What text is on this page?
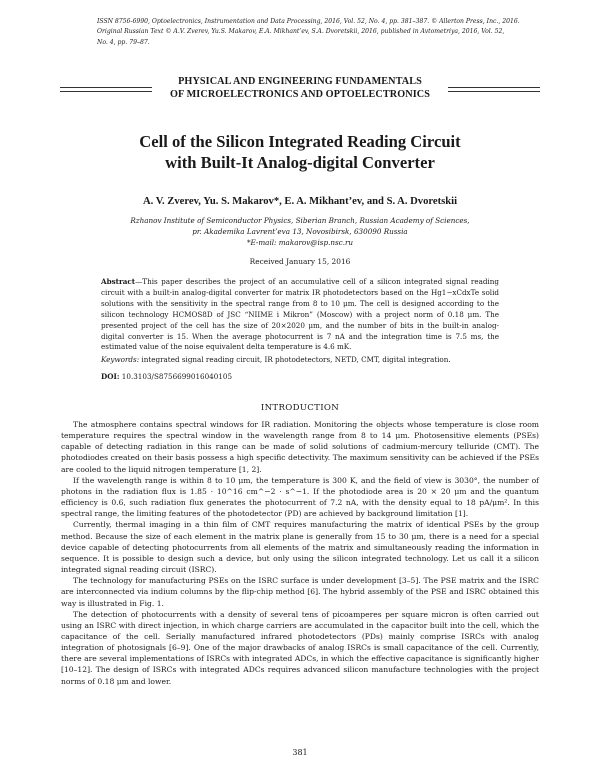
ISSN 8756-6990, Optoelectronics, Instrumentation and Data Processing, 2016, Vol. 52, No. 4, pp. 381–387. © Allerton Press, Inc., 2016.
Original Russian Text © A.V. Zverev, Yu.S. Makarov, E.A. Mikhant’ev, S.A. Dvoretskii, 2016, published in Avtometriya, 2016, Vol. 52,
No. 4, pp. 79–87.
PHYSICAL AND ENGINEERING FUNDAMENTALS
OF MICROELECTRONICS AND OPTOELECTRONICS
Cell of the Silicon Integrated Reading Circuit
with Built-It Analog-digital Converter
A. V. Zverev, Yu. S. Makarov*, E. A. Mikhant’ev, and S. A. Dvoretskii
Rzhanov Institute of Semiconductor Physics, Siberian Branch, Russian Academy of Sciences,
pr. Akademika Lavrent’eva 13, Novosibirsk, 630090 Russia
*E-mail: makarov@isp.nsc.ru
Received January 15, 2016
Abstract—This paper describes the project of an accumulative cell of a silicon integrated signal reading circuit with a built-in analog-digital converter for matrix IR photodetectors based on the Hg1−xCdxTe solid solutions with the sensitivity in the spectral range from 8 to 10 μm. The cell is designed according to the silicon technology HCMOS8D of JSC “NIIME i Mikron” (Moscow) with a project norm of 0.18 μm. The presented project of the cell has the size of 20×2020 μm, and the number of bits in the built-in analog-digital converter is 15. When the average photocurrent is 7 nA and the integration time is 7.5 ms, the estimated value of the noise equivalent delta temperature is 4.6 mK.
Keywords: integrated signal reading circuit, IR photodetectors, NETD, CMT, digital integration.
DOI: 10.3103/S8756699016040105
INTRODUCTION

The atmosphere contains spectral windows for IR radiation. Monitoring the objects whose temperature is close room temperature requires the spectral window in the wavelength range from 8 to 14 μm. Photosensitive elements (PSEs) capable of detecting radiation in this range can be made of solid solutions of cadmium-mercury telluride (CMT). The photodiodes created on their basis possess a high specific detectivity. The maximum sensitivity can be achieved if the PSEs are cooled to the liquid nitrogen temperature [1, 2].

If the wavelength range is within 8 to 10 μm, the temperature is 300 K, and the field of view is 3030°, the number of photons in the radiation flux is 1.85 · 10^16 cm^−2 · s^−1. If the photodiode area is 20 × 20 μm and the quantum efficiency is 0.6, such radiation flux generates the photocurrent of 7.2 nA, with the density equal to 18 pA/μm². In this spectral range, the limiting features of the photodetector (PD) are achieved by background limitation [1].

Currently, thermal imaging in a thin film of CMT requires manufacturing the matrix of identical PSEs by the group method. Because the size of each element in the matrix plane is generally from 15 to 30 μm, there is a need for a special device capable of detecting photocurrents from all elements of the matrix and simultaneously reading the information in sequence. It is possible to design such a device, but only using the silicon integrated technology. Let us call it a silicon integrated signal reading circuit (ISRC).

The technology for manufacturing PSEs on the ISRC surface is under development [3–5]. The PSE matrix and the ISRC are interconnected via indium columns by the flip-chip method [6]. The hybrid assembly of the PSE and ISRC obtained this way is illustrated in Fig. 1.

The detection of photocurrents with a density of several tens of picoamperes per square micron is often carried out using an ISRC with direct injection, in which charge carriers are accumulated in the capacitor built into the cell, which the capacitance of the cell. Serially manufactured infrared photodetectors (PDs) mainly comprise ISRCs with analog integration of photosignals [6–9]. One of the major drawbacks of analog ISRCs is small capacitance of the cell. Currently, there are several implementations of ISRCs with integrated ADCs, in which the effective capacitance is significantly higher [10–12]. The design of ISRCs with integrated ADCs requires advanced silicon manufacture technologies with the project norms of 0.18 μm and lower.

381
